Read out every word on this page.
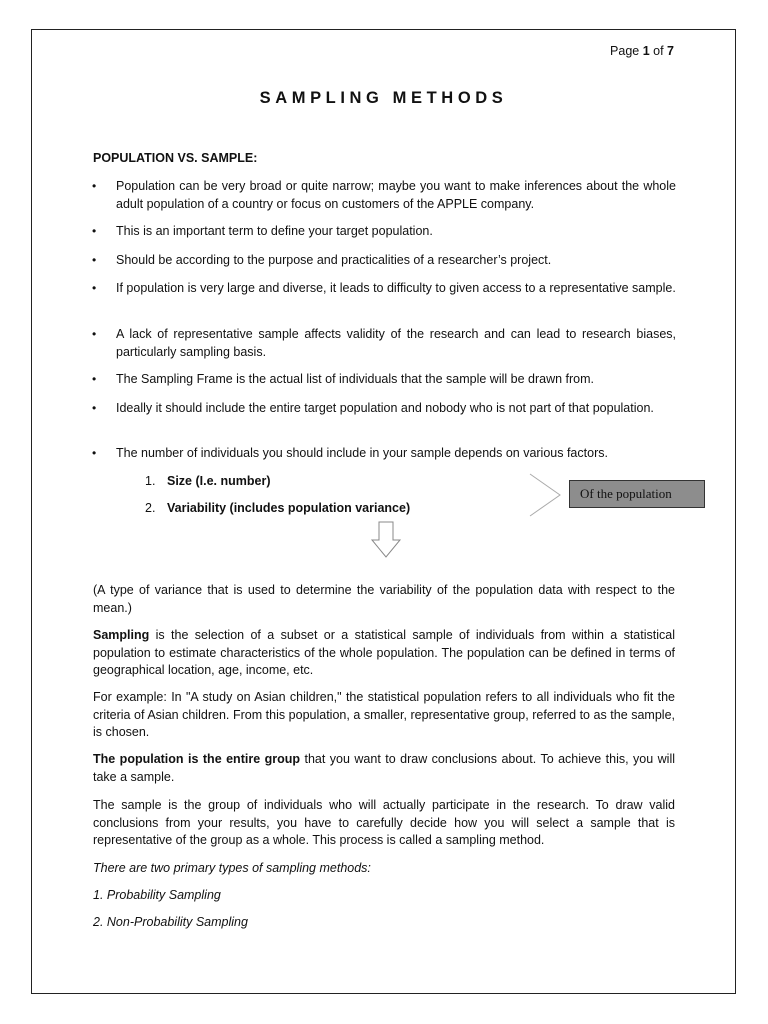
Page 1 of 7
SAMPLING METHODS
POPULATION VS. SAMPLE:
• Population can be very broad or quite narrow; maybe you want to make inferences about the whole adult population of a country or focus on customers of the APPLE company.
• This is an important term to define your target population.
• Should be according to the purpose and practicalities of a researcher’s project.
• If population is very large and diverse, it leads to difficulty to given access to a representative sample.
• A lack of representative sample affects validity of the research and can lead to research biases, particularly sampling basis.
• The Sampling Frame is the actual list of individuals that the sample will be drawn from.
• Ideally it should include the entire target population and nobody who is not part of that population.
• The number of individuals you should include in your sample depends on various factors.
1. Size (I.e. number)
2. Variability (includes population variance)
Of the population
(A type of variance that is used to determine the variability of the population data with respect to the mean.)
Sampling is the selection of a subset or a statistical sample of individuals from within a statistical population to estimate characteristics of the whole population. The population can be defined in terms of geographical location, age, income, etc.
For example: In "A study on Asian children," the statistical population refers to all individuals who fit the criteria of Asian children. From this population, a smaller, representative group, referred to as the sample, is chosen.
The population is the entire group that you want to draw conclusions about. To achieve this, you will take a sample.
The sample is the group of individuals who will actually participate in the research. To draw valid conclusions from your results, you have to carefully decide how you will select a sample that is representative of the group as a whole. This process is called a sampling method.
There are two primary types of sampling methods:
1. Probability Sampling
2. Non-Probability Sampling
